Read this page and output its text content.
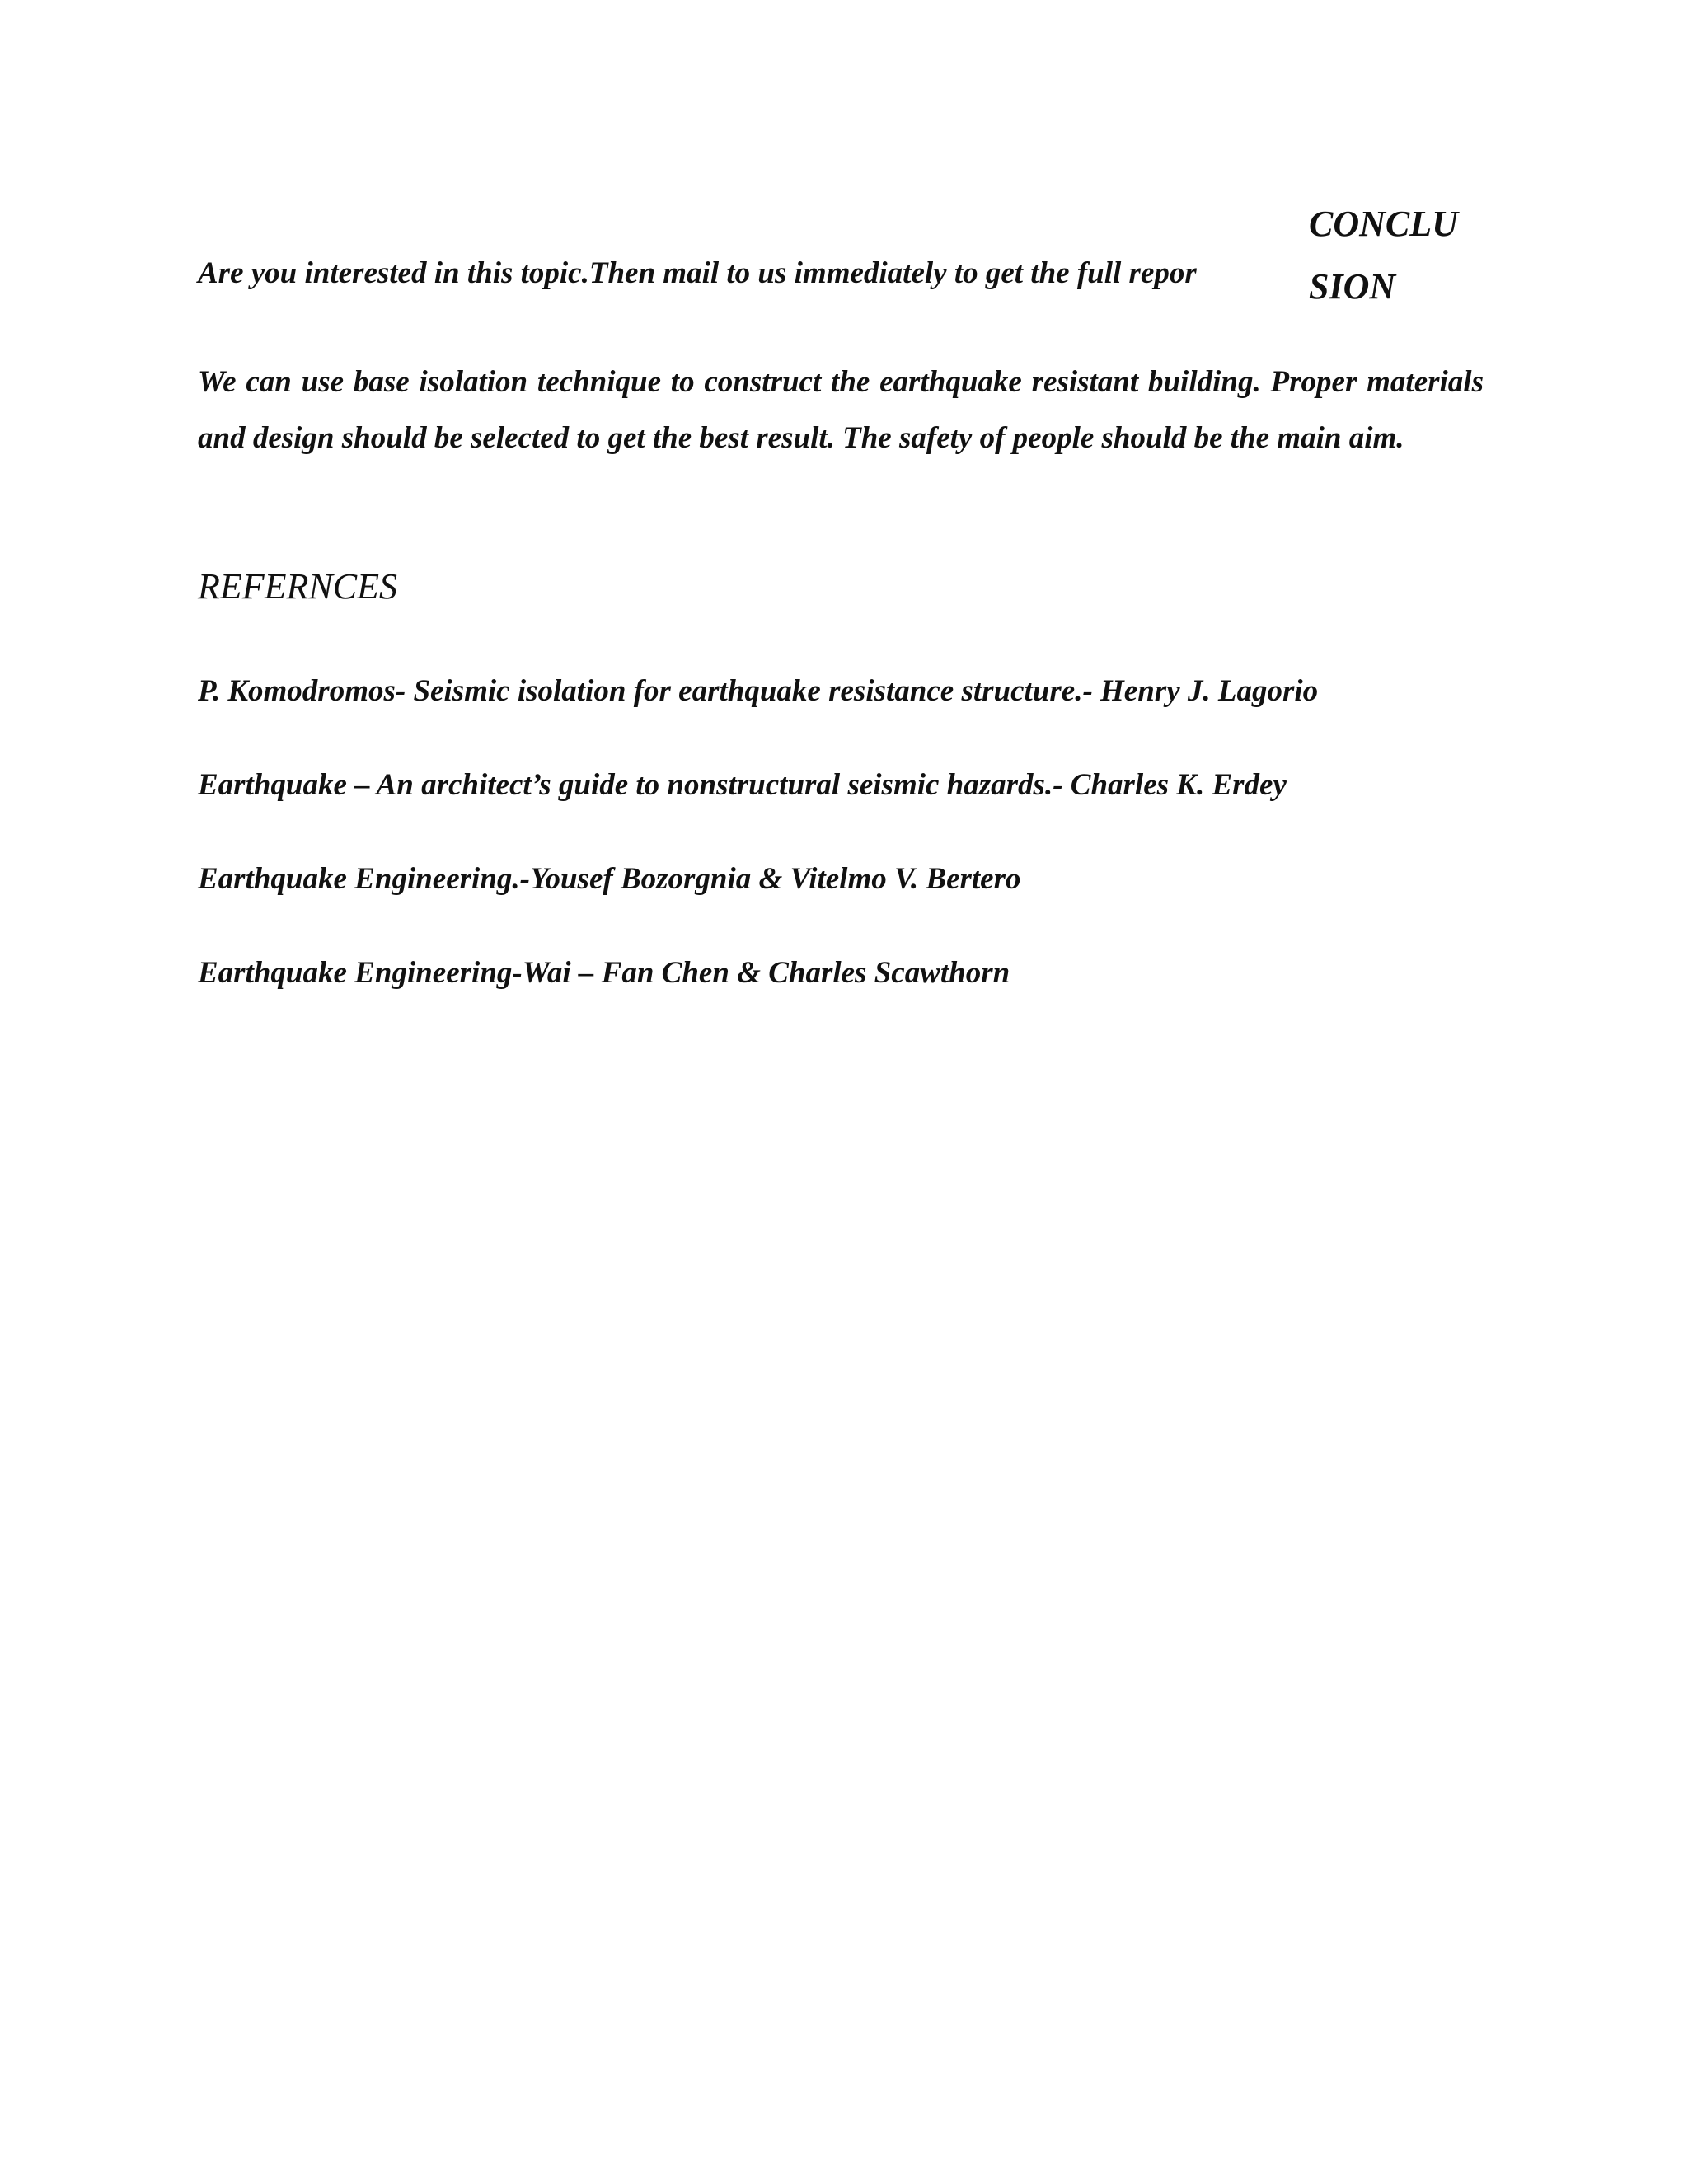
CONCLU
SION
Are you interested in this topic.Then mail to us immediately to get the full repor
We can use base isolation technique to construct the earthquake resistant building. Proper materials and design should be selected to get the best result. The safety of people should be the main aim.
REFERNCES
P. Komodromos- Seismic isolation for earthquake resistance structure.- Henry J. Lagorio
Earthquake – An architect’s guide to nonstructural seismic hazards.- Charles K. Erdey
Earthquake Engineering.-Yousef Bozorgnia & Vitelmo V. Bertero
Earthquake Engineering-Wai – Fan Chen & Charles Scawthorn
